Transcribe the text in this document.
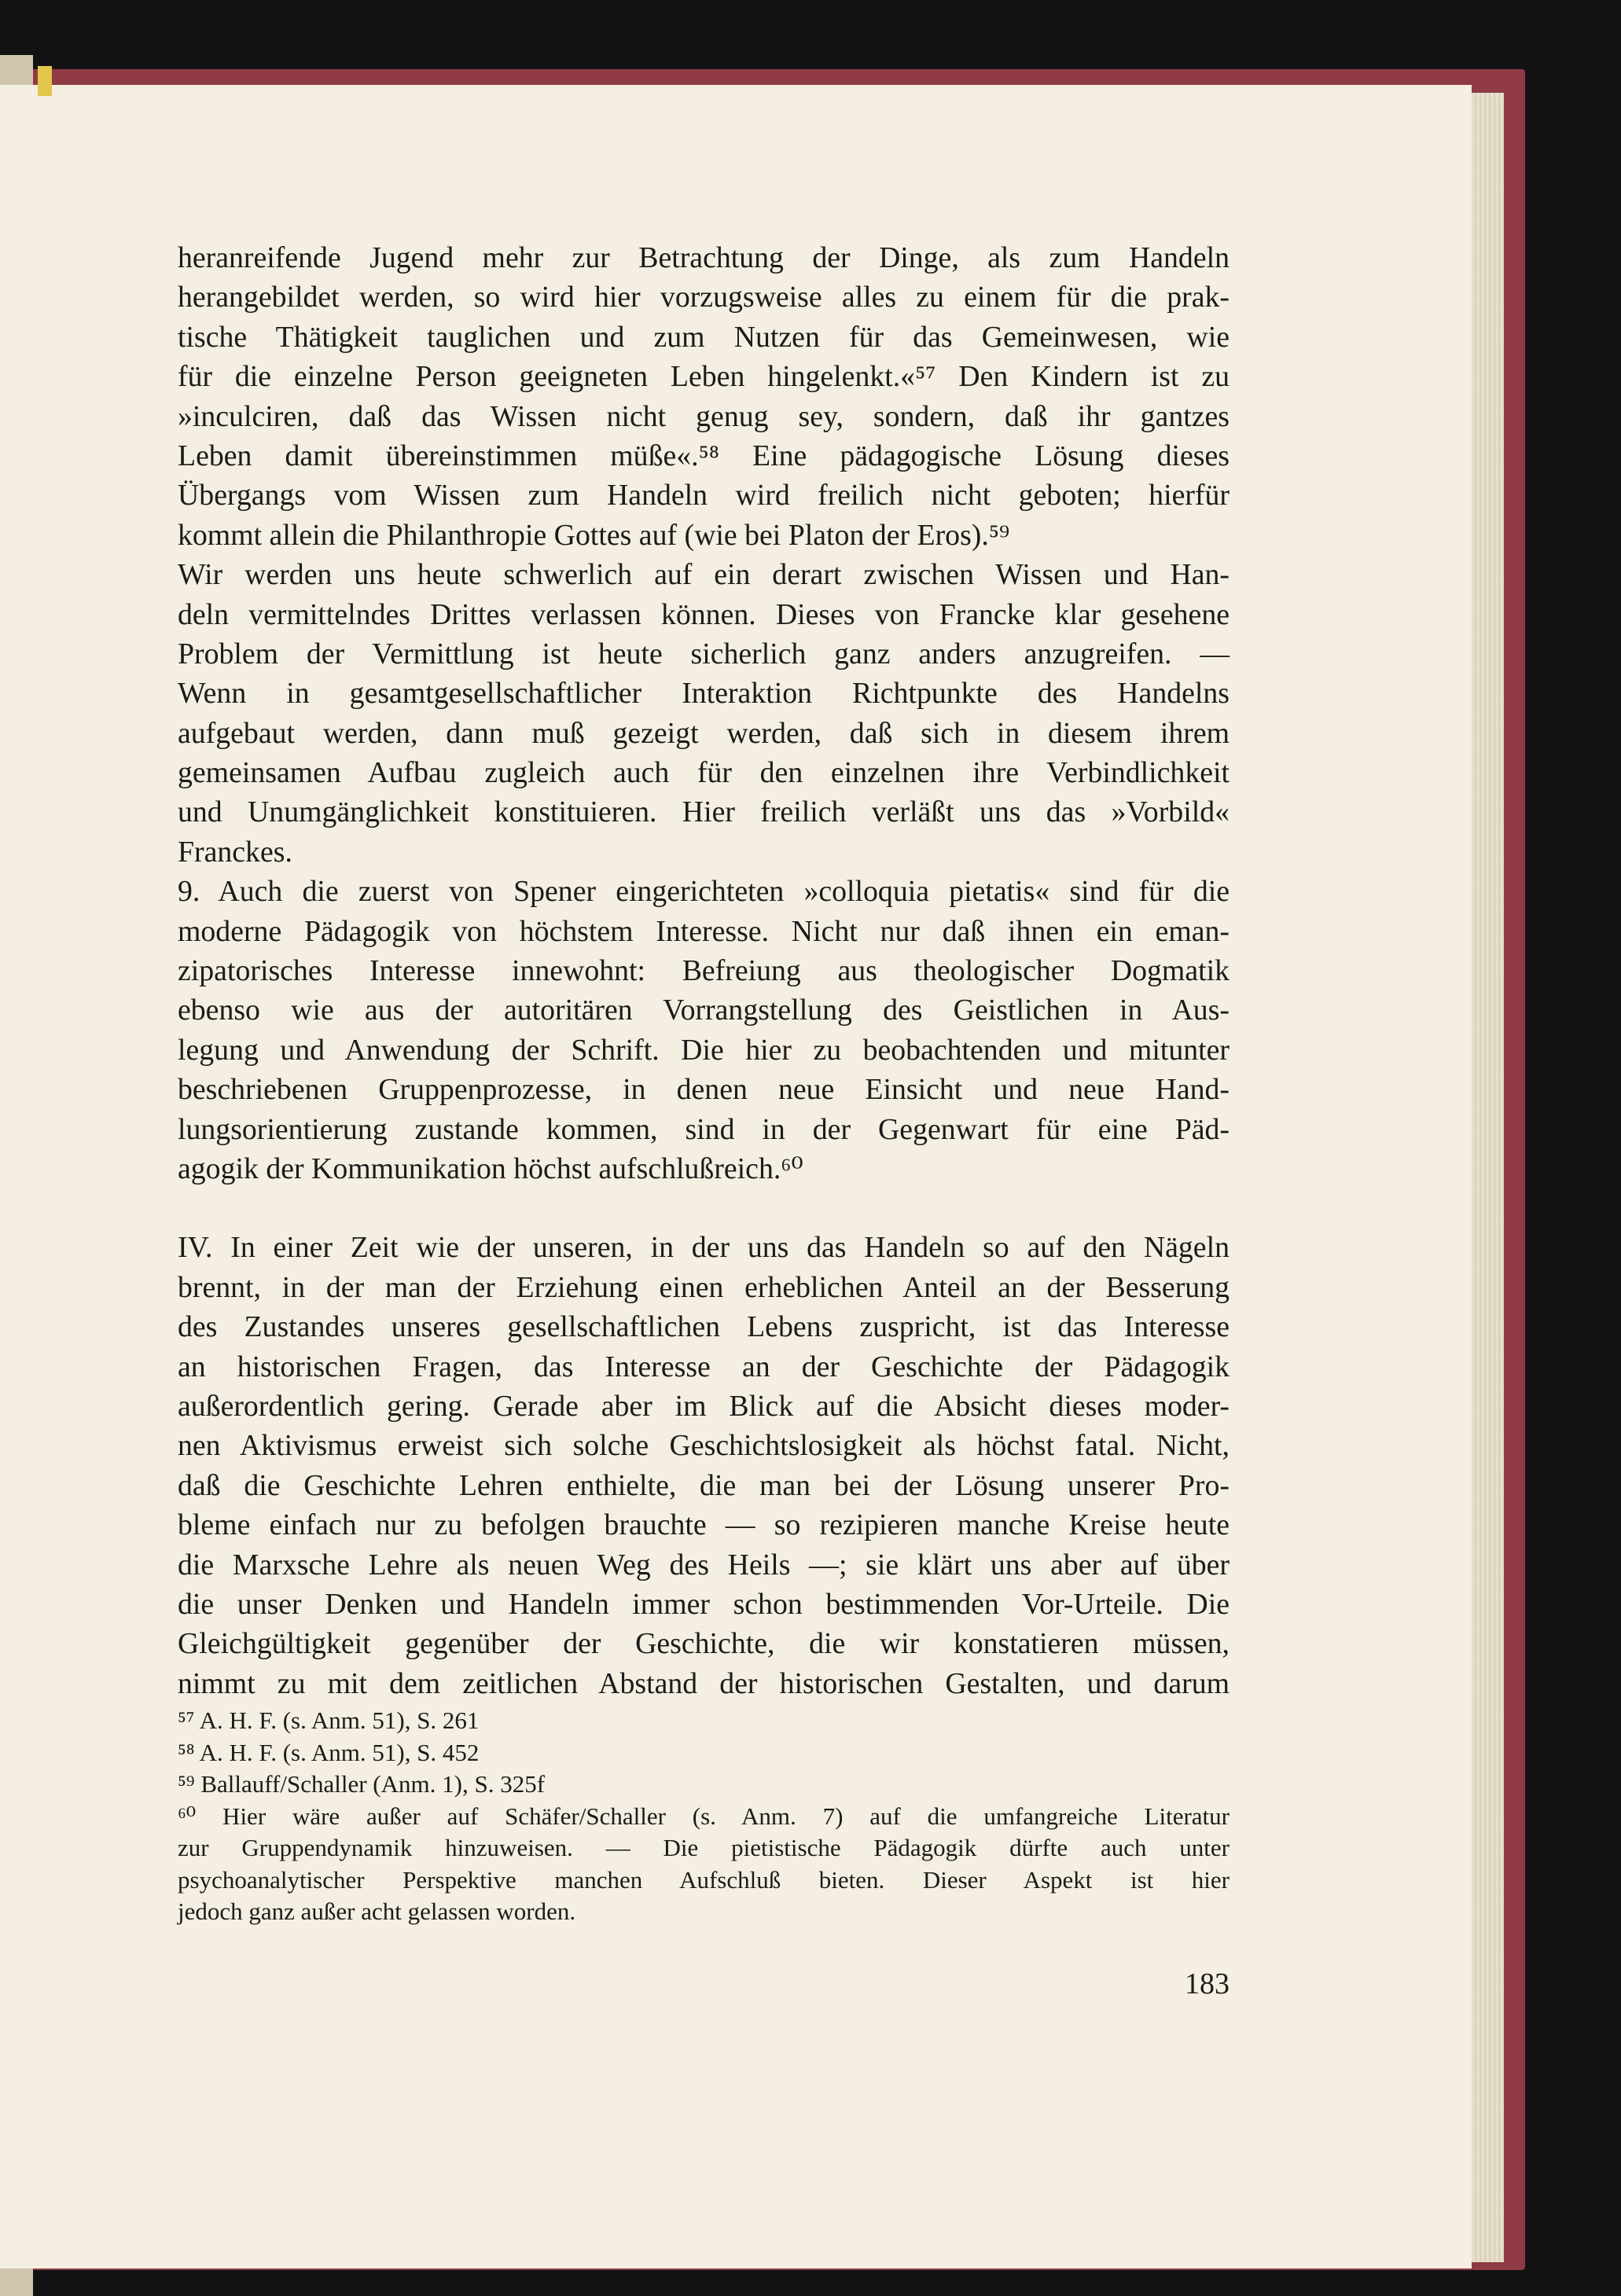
heranreifende Jugend mehr zur Betrachtung der Dinge, als zum Handeln
herangebildet werden, so wird hier vorzugsweise alles zu einem für die prak-
tische Thätigkeit tauglichen und zum Nutzen für das Gemeinwesen, wie
für die einzelne Person geeigneten Leben hingelenkt.«⁵⁷ Den Kindern ist zu
»inculciren, daß das Wissen nicht genug sey, sondern, daß ihr gantzes
Leben damit übereinstimmen müße«.⁵⁸ Eine pädagogische Lösung dieses
Übergangs vom Wissen zum Handeln wird freilich nicht geboten; hierfür
kommt allein die Philanthropie Gottes auf (wie bei Platon der Eros).⁵⁹
Wir werden uns heute schwerlich auf ein derart zwischen Wissen und Han-
deln vermittelndes Drittes verlassen können. Dieses von Francke klar gesehene
Problem der Vermittlung ist heute sicherlich ganz anders anzugreifen. —
Wenn in gesamtgesellschaftlicher Interaktion Richtpunkte des Handelns
aufgebaut werden, dann muß gezeigt werden, daß sich in diesem ihrem
gemeinsamen Aufbau zugleich auch für den einzelnen ihre Verbindlichkeit
und Unumgänglichkeit konstituieren. Hier freilich verläßt uns das »Vorbild«
Franckes.
9. Auch die zuerst von Spener eingerichteten »colloquia pietatis« sind für die
moderne Pädagogik von höchstem Interesse. Nicht nur daß ihnen ein eman-
zipatorisches Interesse innewohnt: Befreiung aus theologischer Dogmatik
ebenso wie aus der autoritären Vorrangstellung des Geistlichen in Aus-
legung und Anwendung der Schrift. Die hier zu beobachtenden und mitunter
beschriebenen Gruppenprozesse, in denen neue Einsicht und neue Hand-
lungsorientierung zustande kommen, sind in der Gegenwart für eine Päd-
agogik der Kommunikation höchst aufschlußreich.⁶⁰
IV. In einer Zeit wie der unseren, in der uns das Handeln so auf den Nägeln
brennt, in der man der Erziehung einen erheblichen Anteil an der Besserung
des Zustandes unseres gesellschaftlichen Lebens zuspricht, ist das Interesse
an historischen Fragen, das Interesse an der Geschichte der Pädagogik
außerordentlich gering. Gerade aber im Blick auf die Absicht dieses moder-
nen Aktivismus erweist sich solche Geschichtslosigkeit als höchst fatal. Nicht,
daß die Geschichte Lehren enthielte, die man bei der Lösung unserer Pro-
bleme einfach nur zu befolgen brauchte — so rezipieren manche Kreise heute
die Marxsche Lehre als neuen Weg des Heils —; sie klärt uns aber auf über
die unser Denken und Handeln immer schon bestimmenden Vor-Urteile. Die
Gleichgültigkeit gegenüber der Geschichte, die wir konstatieren müssen,
nimmt zu mit dem zeitlichen Abstand der historischen Gestalten, und darum
⁵⁷ A. H. F. (s. Anm. 51), S. 261
⁵⁸ A. H. F. (s. Anm. 51), S. 452
⁵⁹ Ballauff/Schaller (Anm. 1), S. 325f
⁶⁰ Hier wäre außer auf Schäfer/Schaller (s. Anm. 7) auf die umfangreiche Literatur
zur Gruppendynamik hinzuweisen. — Die pietistische Pädagogik dürfte auch unter
psychoanalytischer Perspektive manchen Aufschluß bieten. Dieser Aspekt ist hier
jedoch ganz außer acht gelassen worden.
183
